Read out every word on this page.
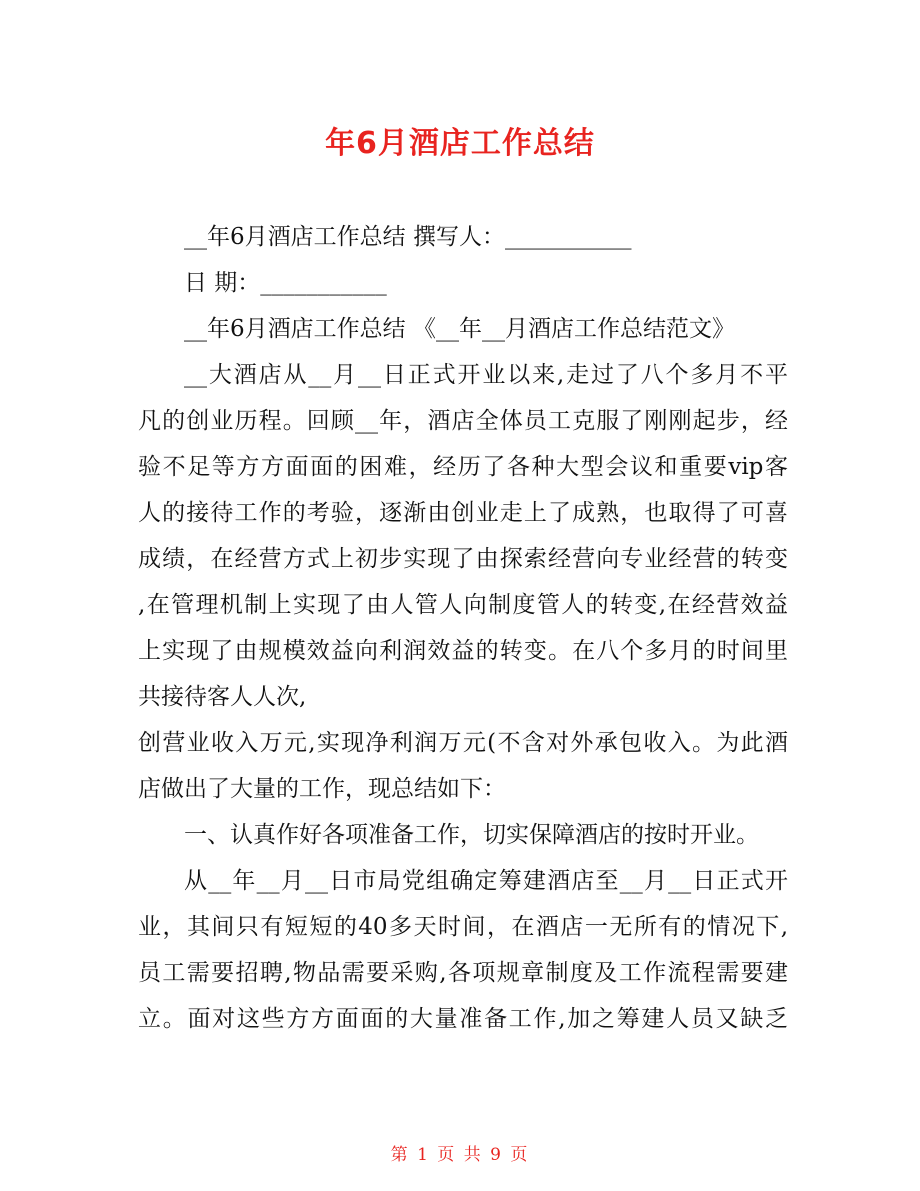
年6月酒店工作总结
__年6月酒店工作总结 撰写人：___________
日 期：___________
__年6月酒店工作总结 《__年__月酒店工作总结范文》
__大酒店从__月__日正式开业以来,走过了八个多月不平
凡的创业历程。回顾__年，酒店全体员工克服了刚刚起步，经
验不足等方方面面的困难，经历了各种大型会议和重要vip客
人的接待工作的考验，逐渐由创业走上了成熟，也取得了可喜
成绩，在经营方式上初步实现了由探索经营向专业经营的转变
,在管理机制上实现了由人管人向制度管人的转变,在经营效益
上实现了由规模效益向利润效益的转变。在八个多月的时间里
共接待客人人次,
创营业收入万元,实现净利润万元(不含对外承包收入。为此酒
店做出了大量的工作，现总结如下：
一、认真作好各项准备工作，切实保障酒店的按时开业。
从__年__月__日市局党组确定筹建酒店至__月__日正式开
业，其间只有短短的40多天时间，在酒店一无所有的情况下,
员工需要招聘,物品需要采购,各项规章制度及工作流程需要建
立。面对这些方方面面的大量准备工作,加之筹建人员又缺乏
第 1 页 共 9 页
